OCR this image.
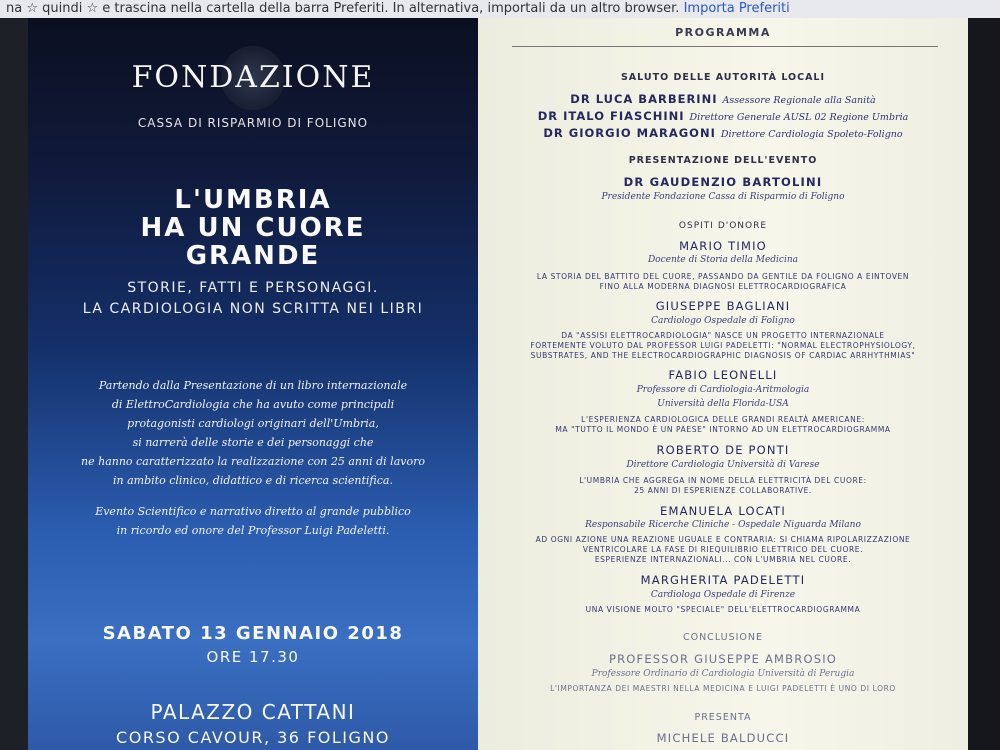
na ☆ quindi ☆ e trascina nella cartella della barra Preferiti. In alternativa, importali da un altro browser. Importa Preferiti
FONDAZIONE
CASSA DI RISPARMIO DI FOLIGNO
L'UMBRIA
HA UN CUORE
GRANDE
STORIE, FATTI E PERSONAGGI.
LA CARDIOLOGIA NON SCRITTA NEI LIBRI
Partendo dalla Presentazione di un libro internazionale
di ElettroCardiologia che ha avuto come principali
protagonisti cardiologi originari dell'Umbria,
si narrerà delle storie e dei personaggi che
ne hanno caratterizzato la realizzazione con 25 anni di lavoro
in ambito clinico, didattico e di ricerca scientifica.
Evento Scientifico e narrativo diretto al grande pubblico
in ricordo ed onore del Professor Luigi Padeletti.
SABATO 13 GENNAIO 2018
ORE 17.30
PALAZZO CATTANI
CORSO CAVOUR, 36 FOLIGNO
PROGRAMMA
SALUTO DELLE AUTORITÀ LOCALI
DR LUCA BARBERINI Assessore Regionale alla Sanità
DR ITALO FIASCHINI Direttore Generale AUSL 02 Regione Umbria
DR GIORGIO MARAGONI Direttore Cardiologia Spoleto-Foligno
PRESENTAZIONE DELL'EVENTO
DR GAUDENZIO BARTOLINI
Presidente Fondazione Cassa di Risparmio di Foligno
OSPITI D'ONORE
MARIO TIMIO
Docente di Storia della Medicina
LA STORIA DEL BATTITO DEL CUORE, PASSANDO DA GENTILE DA FOLIGNO A EINTOVEN
FINO ALLA MODERNA DIAGNOSI ELETTROCARDIOGRAFICA
GIUSEPPE BAGLIANI
Cardiologo Ospedale di Foligno
DA "ASSISI ELETTROCARDIOLOGIA" NASCE UN PROGETTO INTERNAZIONALE
FORTEMENTE VOLUTO DAL PROFESSOR LUIGI PADELETTI: "NORMAL ELECTROPHYSIOLOGY,
SUBSTRATES, AND THE ELECTROCARDIOGRAPHIC DIAGNOSIS OF CARDIAC ARRHYTHMIAS"
FABIO LEONELLI
Professore di Cardiologia-Aritmologia
Università della Florida-USA
L'ESPERIENZA CARDIOLOGICA DELLE GRANDI REALTÀ AMERICANE:
MA "TUTTO IL MONDO È UN PAESE" INTORNO AD UN ELETTROCARDIOGRAMMA
ROBERTO DE PONTI
Direttore Cardiologia Università di Varese
L'UMBRIA CHE AGGREGA IN NOME DELLA ELETTRICITÀ DEL CUORE:
25 ANNI DI ESPERIENZE COLLABORATIVE.
EMANUELA LOCATI
Responsabile Ricerche Cliniche - Ospedale Niguarda Milano
AD OGNI AZIONE UNA REAZIONE UGUALE E CONTRARIA: SI CHIAMA RIPOLARIZZAZIONE
VENTRICOLARE LA FASE DI RIEQUILIBRIO ELETTRICO DEL CUORE.
ESPERIENZE INTERNAZIONALI... CON L'UMBRIA NEL CUORE.
MARGHERITA PADELETTI
Cardiologa Ospedale di Firenze
UNA VISIONE MOLTO "SPECIALE" DELL'ELETTROCARDIOGRAMMA
CONCLUSIONE
PROFESSOR GIUSEPPE AMBROSIO
Professore Ordinario di Cardiologia Università di Perugia
L'IMPORTANZA DEI MAESTRI NELLA MEDICINA E LUIGI PADELETTI È UNO DI LORO
PRESENTA
MICHELE BALDUCCI
